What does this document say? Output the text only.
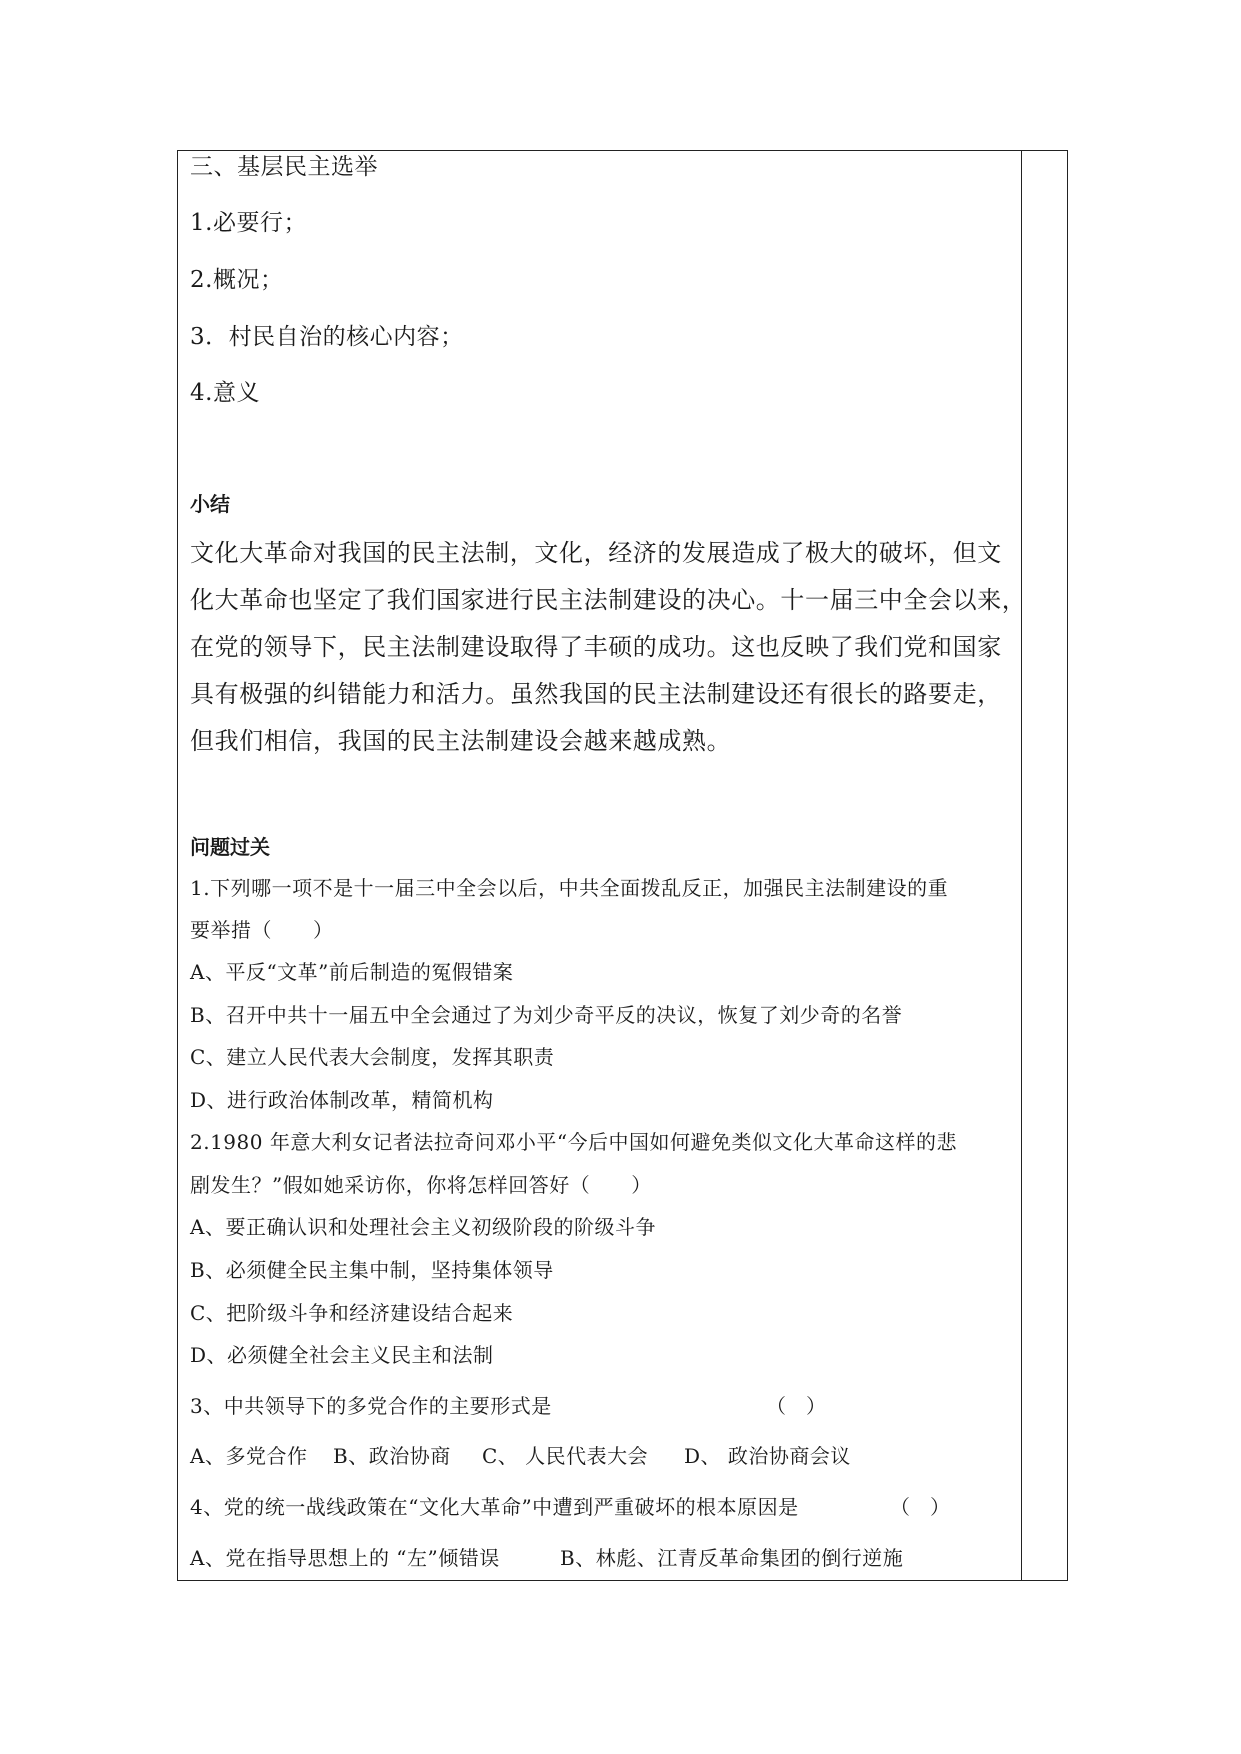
三、基层民主选举
1.必要行；
2.概况；
3．村民自治的核心内容；
4.意义
小结
文化大革命对我国的民主法制，文化，经济的发展造成了极大的破坏，但文
化大革命也坚定了我们国家进行民主法制建设的决心。十一届三中全会以来，
在党的领导下，民主法制建设取得了丰硕的成功。这也反映了我们党和国家
具有极强的纠错能力和活力。虽然我国的民主法制建设还有很长的路要走，
但我们相信，我国的民主法制建设会越来越成熟。
问题过关
1.下列哪一项不是十一届三中全会以后，中共全面拨乱反正，加强民主法制建设的重
要举措（　　）
A、平反“文革”前后制造的冤假错案
B、召开中共十一届五中全会通过了为刘少奇平反的决议，恢复了刘少奇的名誉
C、建立人民代表大会制度，发挥其职责
D、进行政治体制改革，精简机构
2.1980 年意大利女记者法拉奇问邓小平“今后中国如何避免类似文化大革命这样的悲
剧发生？”假如她采访你，你将怎样回答好（　　）
A、要正确认识和处理社会主义初级阶段的阶级斗争
B、必须健全民主集中制，坚持集体领导
C、把阶级斗争和经济建设结合起来
D、必须健全社会主义民主和法制
3、中共领导下的多党合作的主要形式是	（　）
A、多党合作 B、政治协商 C、 人民代表大会 D、 政治协商会议
4、党的统一战线政策在“文化大革命”中遭到严重破坏的根本原因是	（　）
A、党在指导思想上的 “左”倾错误	B、林彪、江青反革命集团的倒行逆施
